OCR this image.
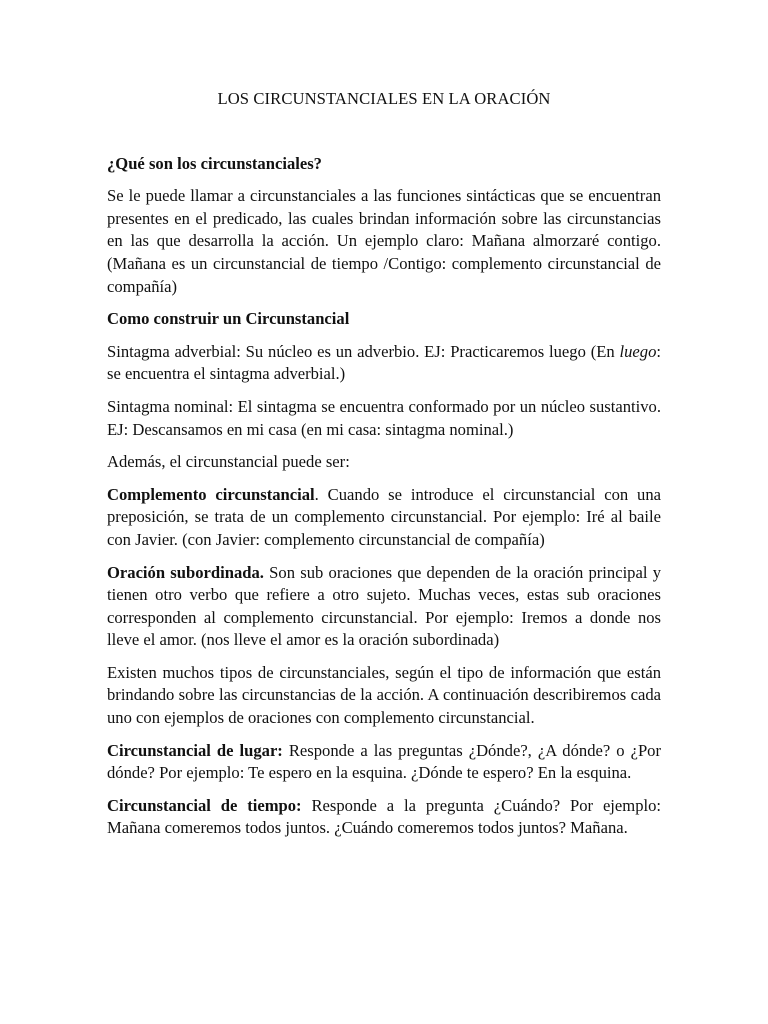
LOS CIRCUNSTANCIALES EN LA ORACIÓN
¿Qué son los circunstanciales?

Se le puede llamar a circunstanciales a las funciones sintácticas que se encuentran presentes en el predicado, las cuales brindan información sobre las circunstancias en las que desarrolla la acción. Un ejemplo claro: Mañana almorzaré contigo. (Mañana es un circunstancial de tiempo /Contigo: complemento circunstancial de compañía)

Como construir un Circunstancial

Sintagma adverbial: Su núcleo es un adverbio. EJ: Practicaremos luego (En luego: se encuentra el sintagma adverbial.)

Sintagma nominal: El sintagma se encuentra conformado por un núcleo sustantivo. EJ: Descansamos en mi casa (en mi casa: sintagma nominal.)

Además, el circunstancial puede ser:

Complemento circunstancial. Cuando se introduce el circunstancial con una preposición, se trata de un complemento circunstancial. Por ejemplo: Iré al baile con Javier. (con Javier: complemento circunstancial de compañía)

Oración subordinada. Son sub oraciones que dependen de la oración principal y tienen otro verbo que refiere a otro sujeto. Muchas veces, estas sub oraciones corresponden al complemento circunstancial. Por ejemplo: Iremos a donde nos lleve el amor. (nos lleve el amor es la oración subordinada)

Existen muchos tipos de circunstanciales, según el tipo de información que están brindando sobre las circunstancias de la acción. A continuación describiremos cada uno con ejemplos de oraciones con complemento circunstancial.

Circunstancial de lugar: Responde a las preguntas ¿Dónde?, ¿A dónde? o ¿Por dónde? Por ejemplo: Te espero en la esquina. ¿Dónde te espero? En la esquina.

Circunstancial de tiempo: Responde a la pregunta ¿Cuándo? Por ejemplo: Mañana comeremos todos juntos. ¿Cuándo comeremos todos juntos? Mañana.
